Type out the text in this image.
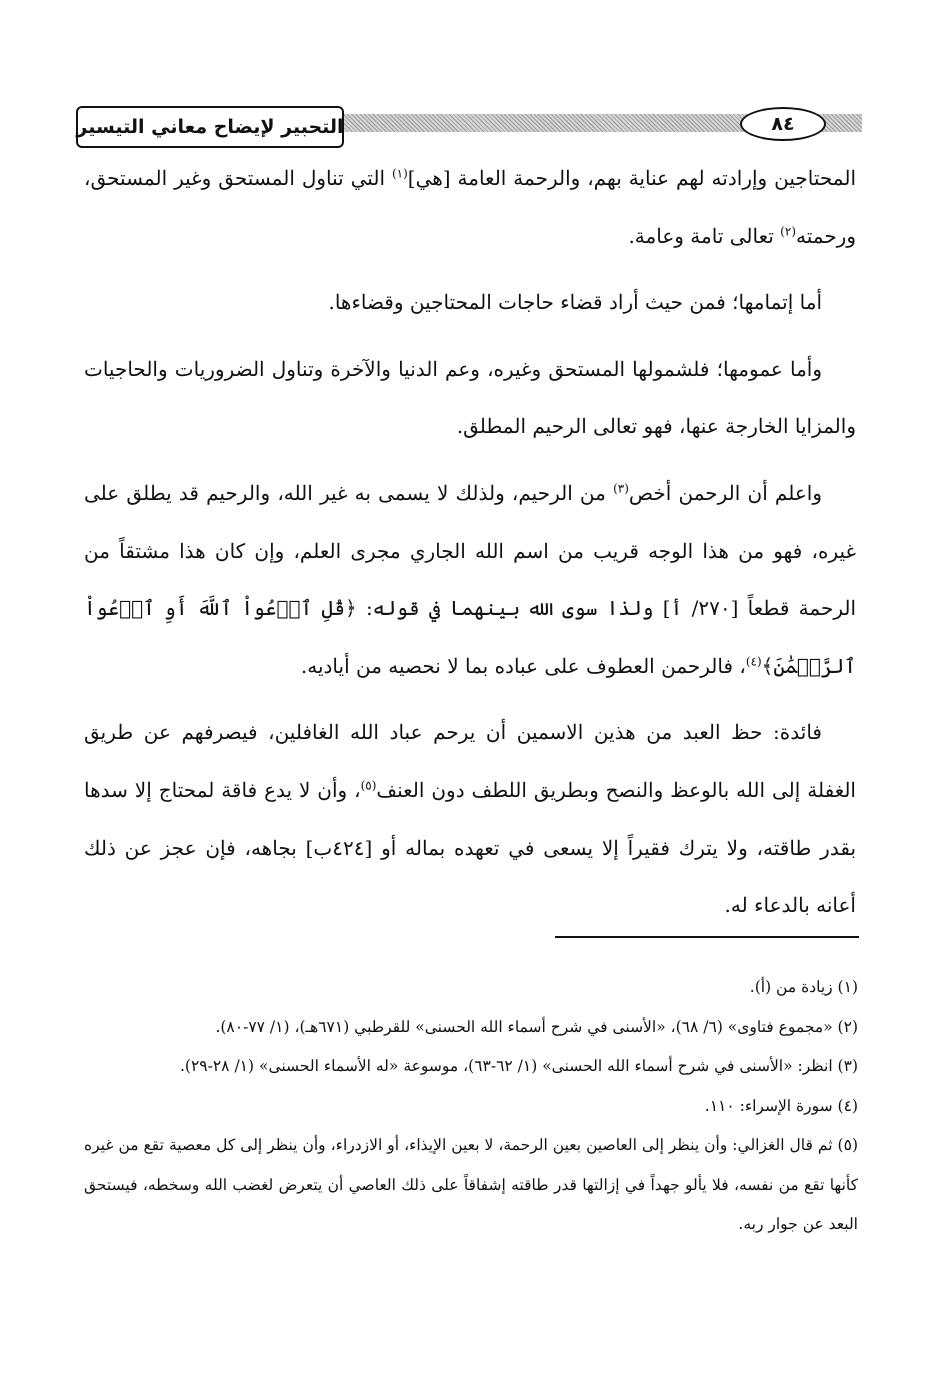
التحبير لإيضاح معاني التيسير	٨٤

المحتاجين وإرادته لهم عناية بهم، والرحمة العامة [هي]$^{(١)}$ التي تناول المستحق وغير المستحق، ورحمته$^{(٢)}$ تعالى تامة وعامة.

أما إتمامها؛ فمن حيث أراد قضاء حاجات المحتاجين وقضاءها.

وأما عمومها؛ فلشمولها المستحق وغيره، وعم الدنيا والآخرة وتناول الضروريات والحاجيات والمزايا الخارجة عنها، فهو تعالى الرحيم المطلق.

واعلم أن الرحمن أخص$^{(٣)}$ من الرحيم، ولذلك لا يسمى به غير الله، والرحيم قد يطلق على غيره، فهو من هذا الوجه قريب من اسم الله الجاري مجرى العلم، وإن كان هذا مشتقاً من الرحمة قطعاً [٢٧٠/ أ] ولذا سوى الله بينهما في قوله: ﴿قُلِ ٱدۡعُواْ ٱللَّهَ أَوِ ٱدۡعُواْ ٱلرَّحۡمَٰنَ﴾$^{(٤)}$، فالرحمن العطوف على عباده بما لا نحصيه من أياديه.

فائدة: حظ العبد من هذين الاسمين أن يرحم عباد الله الغافلين، فيصرفهم عن طريق الغفلة إلى الله بالوعظ والنصح وبطريق اللطف دون العنف$^{(٥)}$، وأن لا يدع فاقة لمحتاج إلا سدها بقدر طاقته، ولا يترك فقيراً إلا يسعى في تعهده بماله أو [٤٢٤ب] بجاهه، فإن عجز عن ذلك أعانه بالدعاء له.

(١) زيادة من (أ).

(٢) «مجموع فتاوى» (٦/ ٦٨)، «الأسنى في شرح أسماء الله الحسنى» للقرطبي (٦٧١هـ)، (١/ ٧٧-٨٠).

(٣) انظر: «الأسنى في شرح أسماء الله الحسنى» (١/ ٦٢-٦٣)، موسوعة «له الأسماء الحسنى» (١/ ٢٨-٢٩).

(٤) سورة الإسراء: ١١٠.

(٥) ثم قال الغزالي: وأن ينظر إلى العاصين بعين الرحمة، لا بعين الإيذاء، أو الازدراء، وأن ينظر إلى كل معصية تقع من غيره كأنها تقع من نفسه، فلا يألو جهداً في إزالتها قدر طاقته إشفاقاً على ذلك العاصي أن يتعرض لغضب الله وسخطه، فيستحق البعد عن جوار ربه.
